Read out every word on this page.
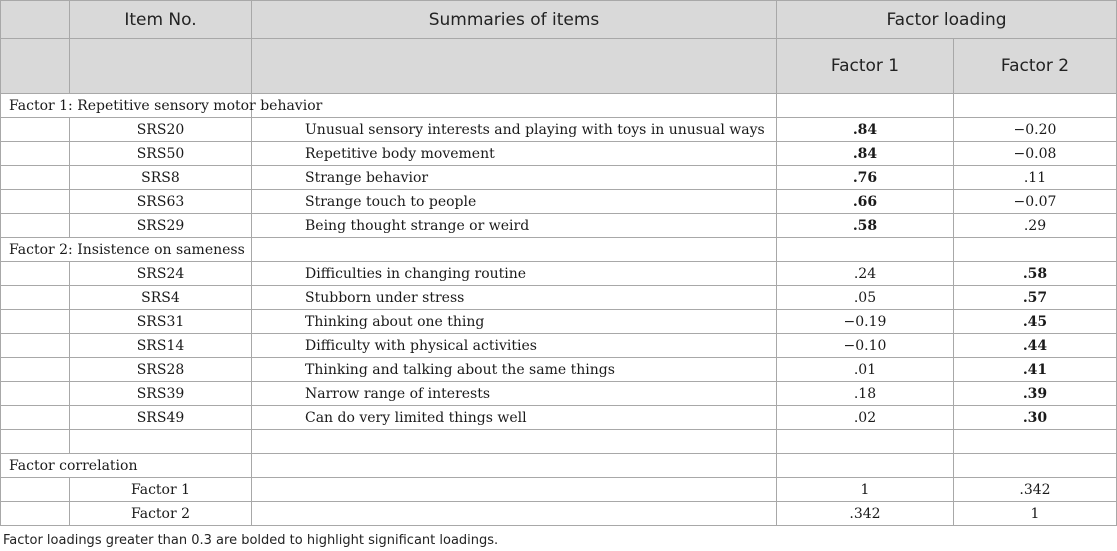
	Item No.	Summaries of items	Factor loading	
			Factor 1	Factor 2

Factor 1: Repetitive sensory motor behavior				
	SRS20	Unusual sensory interests and playing with toys in unusual ways	.84	−0.20
	SRS50	Repetitive body movement	.84	−0.08
	SRS8	Strange behavior	.76	.11
	SRS63	Strange touch to people	.66	−0.07
	SRS29	Being thought strange or weird	.58	.29
Factor 2: Insistence on sameness				
	SRS24	Difficulties in changing routine	.24	.58
	SRS4	Stubborn under stress	.05	.57
	SRS31	Thinking about one thing	−0.19	.45
	SRS14	Difficulty with physical activities	−0.10	.44
	SRS28	Thinking and talking about the same things	.01	.41
	SRS39	Narrow range of interests	.18	.39
	SRS49	Can do very limited things well	.02	.30

Factor correlation				
	Factor 1		1	.342
	Factor 2		.342	1
Factor loadings greater than 0.3 are bolded to highlight significant loadings.
